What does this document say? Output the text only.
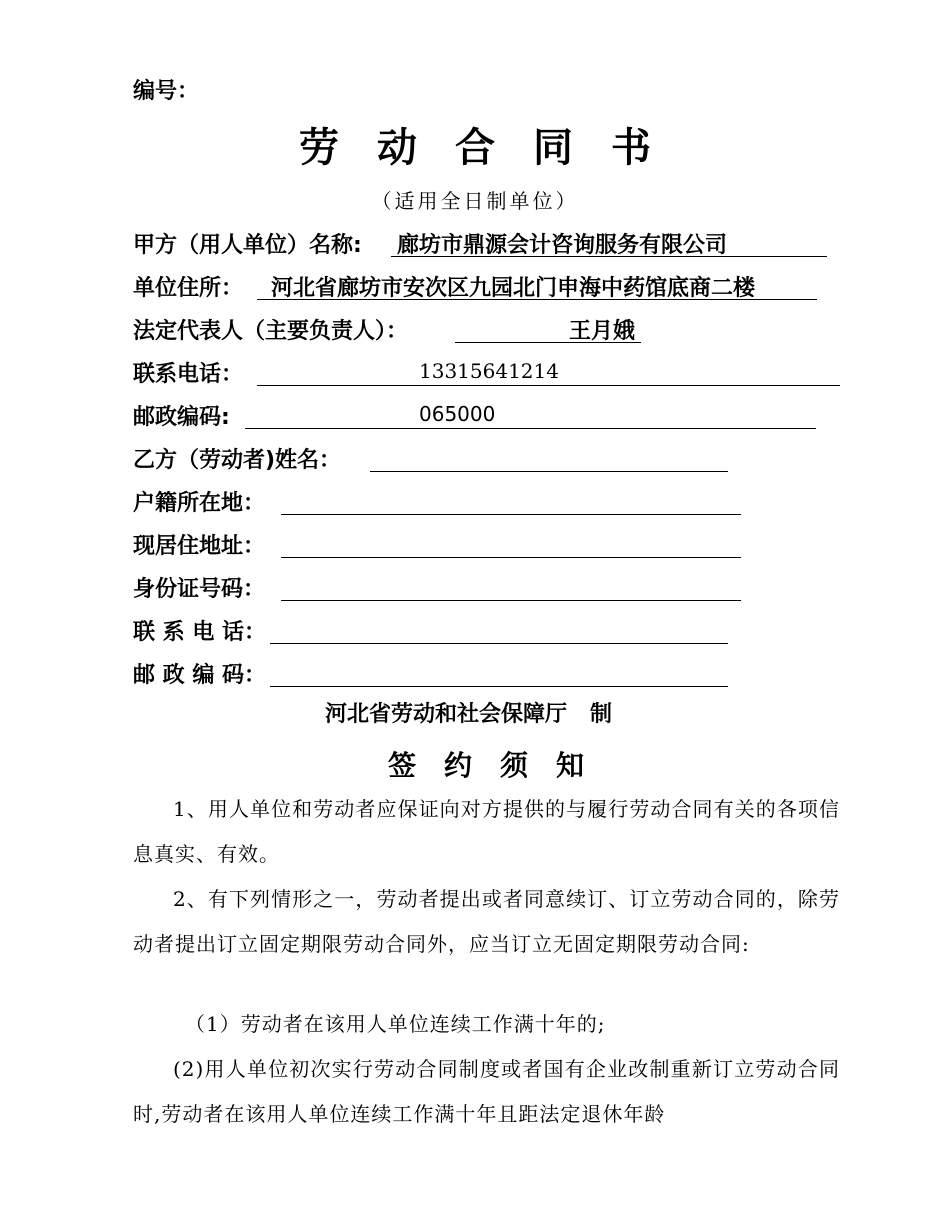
编号：
劳动合同书
（适用全日制单位）
甲方（用人单位）名称: 廊坊市鼎源会计咨询服务有限公司
单位住所： 河北省廊坊市安次区九园北门申海中药馆底商二楼
法定代表人（主要负责人）：	王月娥
联系电话：	13315641214
邮政编码:	065000
乙方（劳动者)姓名：
户籍所在地：
现居住地址：
身份证号码：
联 系 电 话：
邮 政 编 码：
河北省劳动和社会保障厅   制
签约须知
1、用人单位和劳动者应保证向对方提供的与履行劳动合同有关的各项信息真实、有效。
2、有下列情形之一，劳动者提出或者同意续订、订立劳动合同的，除劳动者提出订立固定期限劳动合同外，应当订立无固定期限劳动合同:
（1）劳动者在该用人单位连续工作满十年的;
(2)用人单位初次实行劳动合同制度或者国有企业改制重新订立劳动合同时,劳动者在该用人单位连续工作满十年且距法定退休年龄
